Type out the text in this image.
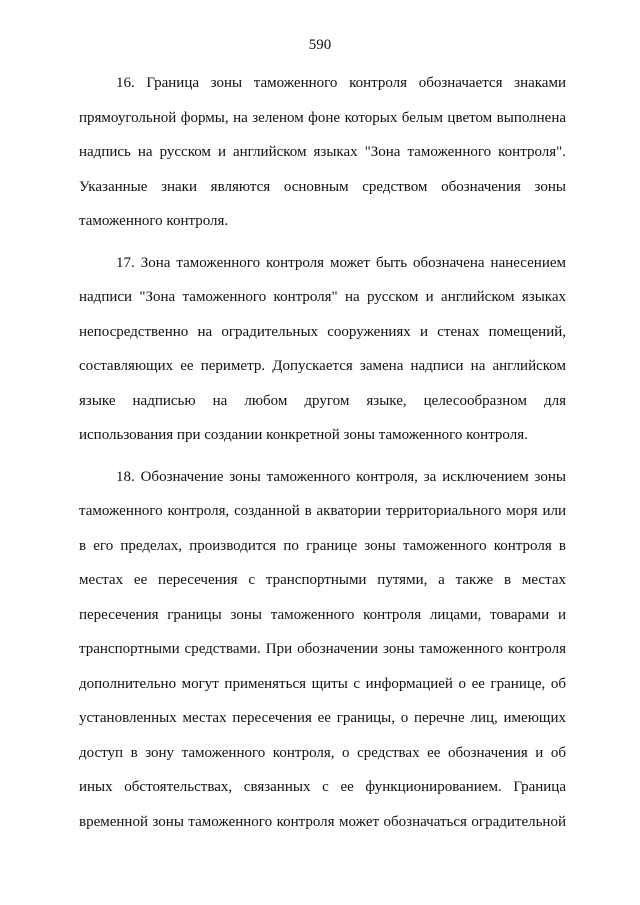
590

16. Граница зоны таможенного контроля обозначается знаками
прямоугольной формы, на зеленом фоне которых белым цветом выполнена
надпись на русском и английском языках "Зона таможенного контроля".
Указанные знаки являются основным средством обозначения зоны
таможенного контроля.

17. Зона таможенного контроля может быть обозначена нанесением
надписи "Зона таможенного контроля" на русском и английском языках
непосредственно на оградительных сооружениях и стенах помещений,
составляющих ее периметр. Допускается замена надписи на английском
языке надписью на любом другом языке, целесообразном для
использования при создании конкретной зоны таможенного контроля.

18. Обозначение зоны таможенного контроля, за исключением зоны
таможенного контроля, созданной в акватории территориального моря или
в его пределах, производится по границе зоны таможенного контроля в
местах ее пересечения с транспортными путями, а также в местах
пересечения границы зоны таможенного контроля лицами, товарами и
транспортными средствами. При обозначении зоны таможенного контроля
дополнительно могут применяться щиты с информацией о ее границе, об
установленных местах пересечения ее границы, о перечне лиц, имеющих
доступ в зону таможенного контроля, о средствах ее обозначения и об
иных обстоятельствах, связанных с ее функционированием. Граница
временной зоны таможенного контроля может обозначаться оградительной
